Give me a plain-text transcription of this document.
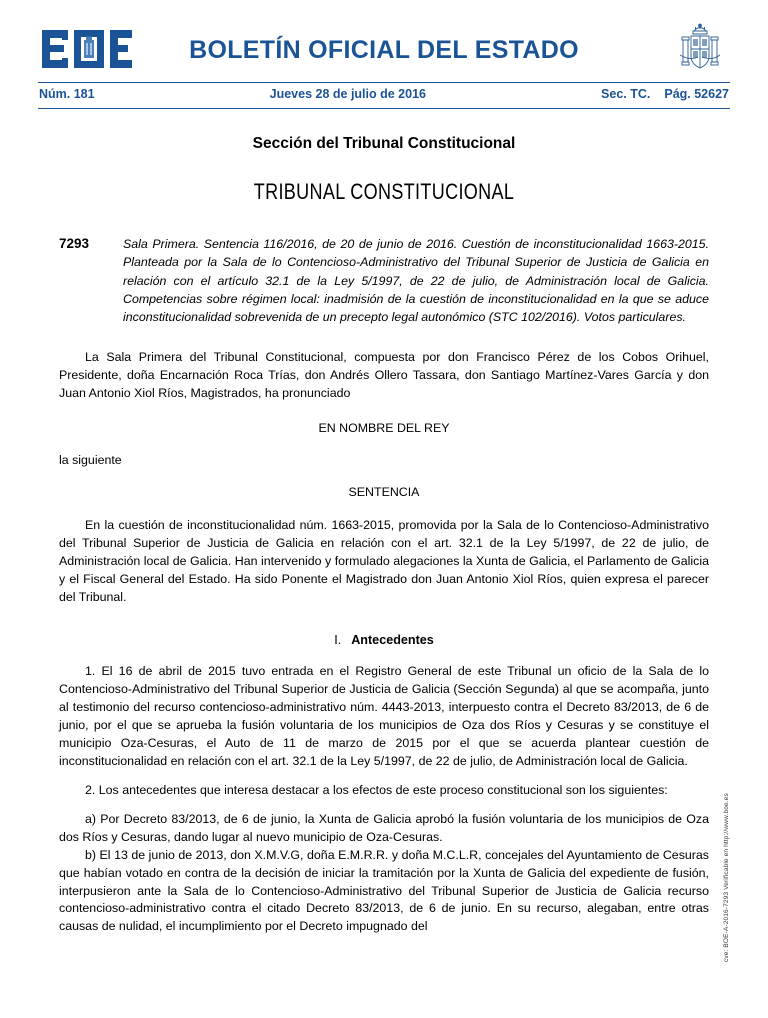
BOLETÍN OFICIAL DEL ESTADO
Núm. 181	Jueves 28 de julio de 2016	Sec. TC. Pág. 52627
Sección del Tribunal Constitucional
TRIBUNAL CONSTITUCIONAL
7293	Sala Primera. Sentencia 116/2016, de 20 de junio de 2016. Cuestión de inconstitucionalidad 1663-2015. Planteada por la Sala de lo Contencioso-Administrativo del Tribunal Superior de Justicia de Galicia en relación con el artículo 32.1 de la Ley 5/1997, de 22 de julio, de Administración local de Galicia. Competencias sobre régimen local: inadmisión de la cuestión de inconstitucionalidad en la que se aduce inconstitucionalidad sobrevenida de un precepto legal autonómico (STC 102/2016). Votos particulares.

La Sala Primera del Tribunal Constitucional, compuesta por don Francisco Pérez de los Cobos Orihuel, Presidente, doña Encarnación Roca Trías, don Andrés Ollero Tassara, don Santiago Martínez-Vares García y don Juan Antonio Xiol Ríos, Magistrados, ha pronunciado

EN NOMBRE DEL REY
la siguiente
SENTENCIA

En la cuestión de inconstitucionalidad núm. 1663-2015, promovida por la Sala de lo Contencioso-Administrativo del Tribunal Superior de Justicia de Galicia en relación con el art. 32.1 de la Ley 5/1997, de 22 de julio, de Administración local de Galicia. Han intervenido y formulado alegaciones la Xunta de Galicia, el Parlamento de Galicia y el Fiscal General del Estado. Ha sido Ponente el Magistrado don Juan Antonio Xiol Ríos, quien expresa el parecer del Tribunal.

I. Antecedentes

1. El 16 de abril de 2015 tuvo entrada en el Registro General de este Tribunal un oficio de la Sala de lo Contencioso-Administrativo del Tribunal Superior de Justicia de Galicia (Sección Segunda) al que se acompaña, junto al testimonio del recurso contencioso-administrativo núm. 4443-2013, interpuesto contra el Decreto 83/2013, de 6 de junio, por el que se aprueba la fusión voluntaria de los municipios de Oza dos Ríos y Cesuras y se constituye el municipio Oza-Cesuras, el Auto de 11 de marzo de 2015 por el que se acuerda plantear cuestión de inconstitucionalidad en relación con el art. 32.1 de la Ley 5/1997, de 22 de julio, de Administración local de Galicia.

2. Los antecedentes que interesa destacar a los efectos de este proceso constitucional son los siguientes:

a) Por Decreto 83/2013, de 6 de junio, la Xunta de Galicia aprobó la fusión voluntaria de los municipios de Oza dos Ríos y Cesuras, dando lugar al nuevo municipio de Oza-Cesuras.

b) El 13 de junio de 2013, don X.M.V.G, doña E.M.R.R. y doña M.C.L.R, concejales del Ayuntamiento de Cesuras que habían votado en contra de la decisión de iniciar la tramitación por la Xunta de Galicia del expediente de fusión, interpusieron ante la Sala de lo Contencioso-Administrativo del Tribunal Superior de Justicia de Galicia recurso contencioso-administrativo contra el citado Decreto 83/2013, de 6 de junio. En su recurso, alegaban, entre otras causas de nulidad, el incumplimiento por el Decreto impugnado del	cve: BOE-A-2016-7293
Verificable en http://www.boe.es
